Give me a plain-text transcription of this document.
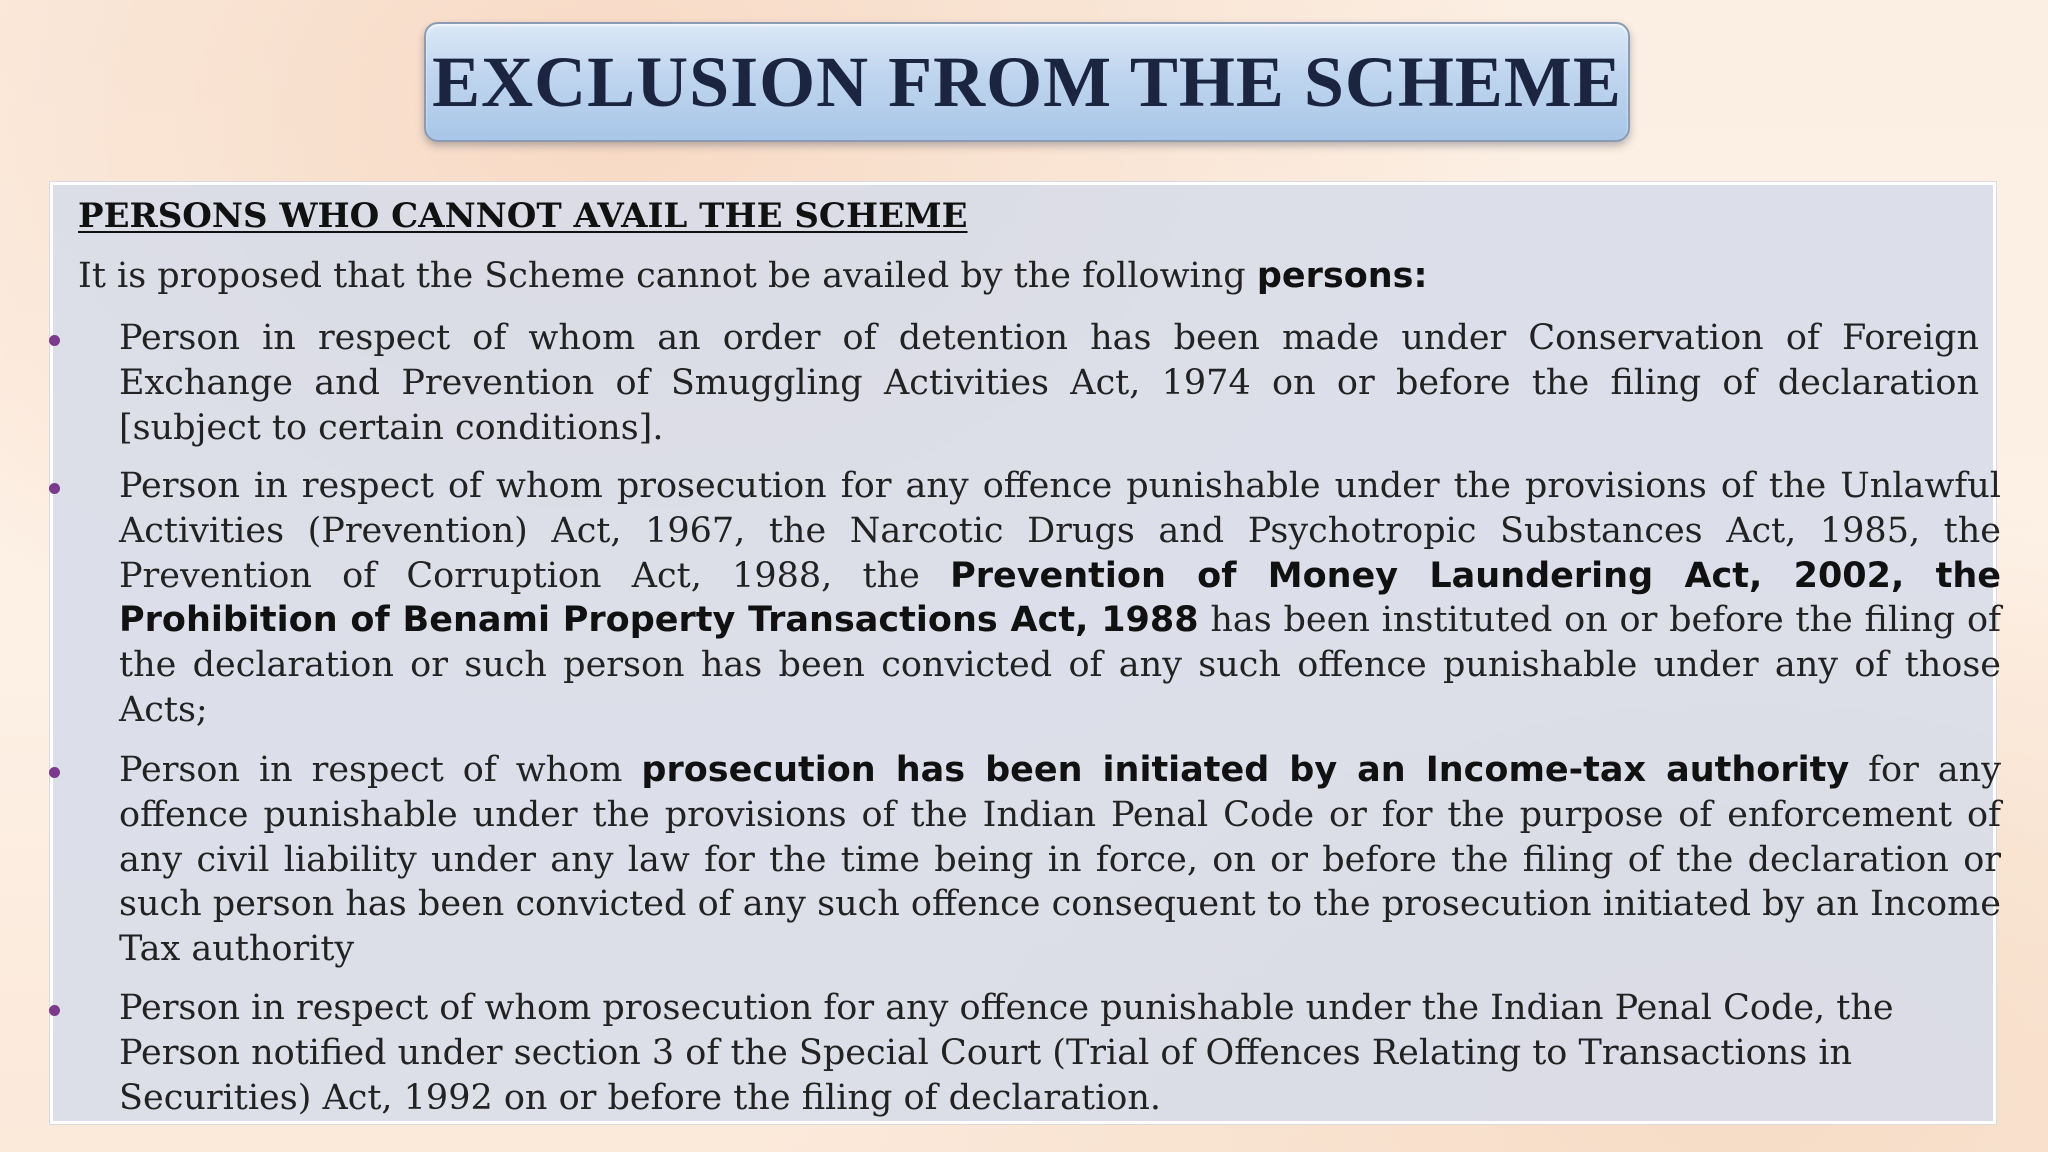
EXCLUSION FROM THE SCHEME
PERSONS WHO CANNOT AVAIL THE SCHEME
It is proposed that the Scheme cannot be availed by the following persons:
Person in respect of whom an order of detention has been made under Conservation of Foreign Exchange and Prevention of Smuggling Activities Act, 1974 on or before the filing of declaration [subject to certain conditions].
Person in respect of whom prosecution for any offence punishable under the provisions of the Unlawful Activities (Prevention) Act, 1967, the Narcotic Drugs and Psychotropic Substances Act, 1985, the Prevention of Corruption Act, 1988, the Prevention of Money Laundering Act, 2002, the Prohibition of Benami Property Transactions Act, 1988 has been instituted on or before the filing of the declaration or such person has been convicted of any such offence punishable under any of those Acts;
Person in respect of whom prosecution has been initiated by an Income-tax authority for any offence punishable under the provisions of the Indian Penal Code or for the purpose of enforcement of any civil liability under any law for the time being in force, on or before the filing of the declaration or such person has been convicted of any such offence consequent to the prosecution initiated by an Income Tax authority
Person in respect of whom prosecution for any offence punishable under the Indian Penal Code, the Person notified under section 3 of the Special Court (Trial of Offences Relating to Transactions in Securities) Act, 1992 on or before the filing of declaration.
